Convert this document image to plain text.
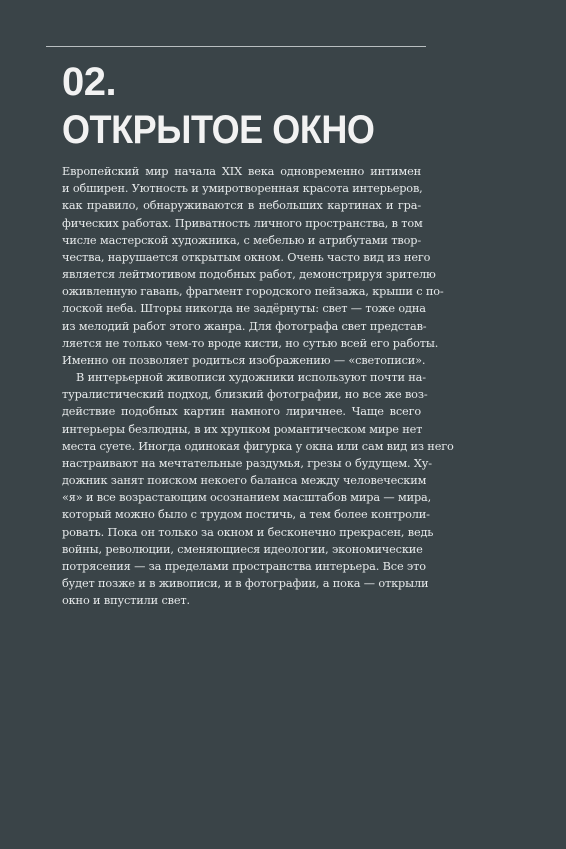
02.
ОТКРЫТОЕ ОКНО
Европейский мир начала XIX века одновременно интимен
и обширен. Уютность и умиротворенная красота интерьеров,
как правило, обнаруживаются в небольших картинах и гра-
фических работах. Приватность личного пространства, в том
числе мастерской художника, с мебелью и атрибутами твор-
чества, нарушается открытым окном. Очень часто вид из него
является лейтмотивом подобных работ, демонстрируя зрителю
оживленную гавань, фрагмент городского пейзажа, крыши с по-
лоской неба. Шторы никогда не задёрнуты: свет — тоже одна
из мелодий работ этого жанра. Для фотографа свет представ-
ляется не только чем-то вроде кисти, но сутью всей его работы.
Именно он позволяет родиться изображению — «светописи».
В интерьерной живописи художники используют почти на-
туралистический подход, близкий фотографии, но все же воз-
действие подобных картин намного лиричнее. Чаще всего
интерьеры безлюдны, в их хрупком романтическом мире нет
места суете. Иногда одинокая фигурка у окна или сам вид из него
настраивают на мечтательные раздумья, грезы о будущем. Ху-
дожник занят поиском некоего баланса между человеческим
«я» и все возрастающим осознанием масштабов мира — мира,
который можно было с трудом постичь, а тем более контроли-
ровать. Пока он только за окном и бесконечно прекрасен, ведь
войны, революции, сменяющиеся идеологии, экономические
потрясения — за пределами пространства интерьера. Все это
будет позже и в живописи, и в фотографии, а пока — открыли
окно и впустили свет.
